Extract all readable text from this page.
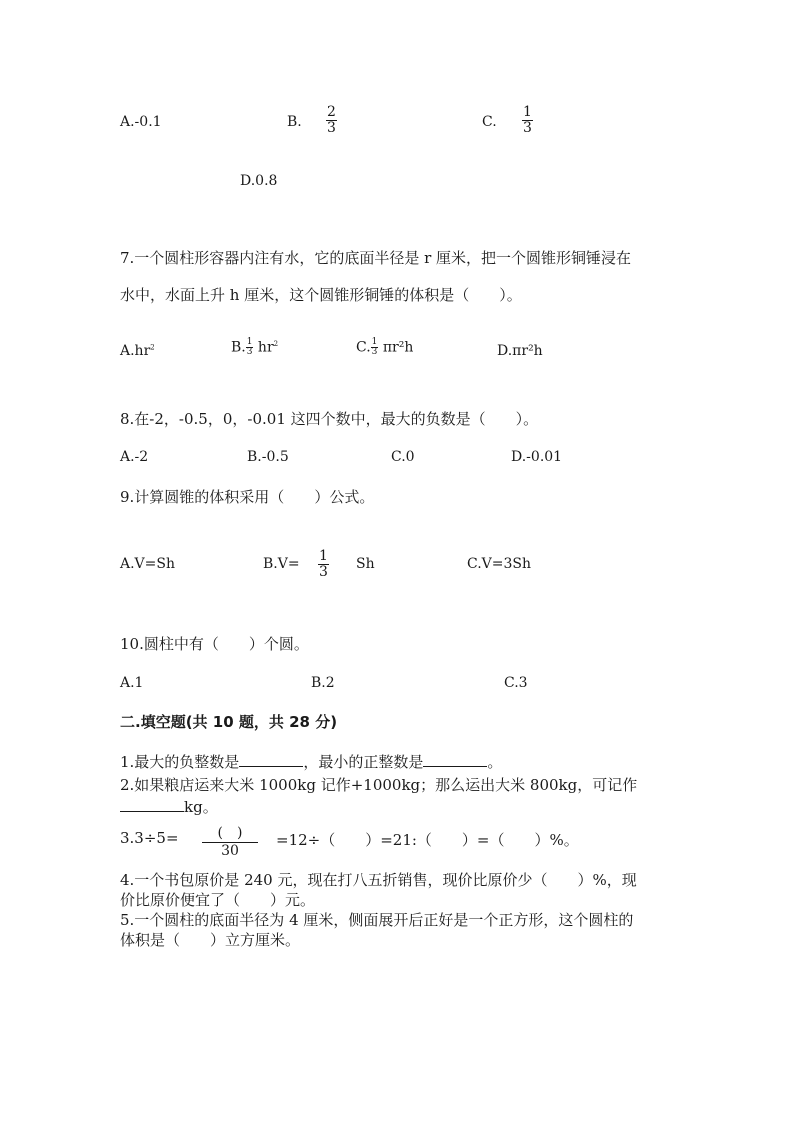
A.-0.1	B. $\frac{2}{3}$	C. $\frac{1}{3}$
D.0.8
7.一个圆柱形容器内注有水，它的底面半径是 r 厘米，把一个圆锥形铜锤浸在
水中，水面上升 h 厘米，这个圆锥形铜锤的体积是（　　）。
$A.hr^2$	B. $\frac{1}{3} hr^2$	C. $\frac{1}{3} \pi r^2h$	D.πr²h
8.在-2，-0.5，0，-0.01 这四个数中，最大的负数是（　　）。
A.-2	B.-0.5	C.0	D.-0.01
9.计算圆锥的体积采用（　　）公式。
A.V=Sh	$B.V= \frac{1}{3}$ Sh	C.V=3Sh
10.圆柱中有（　　）个圆。
A.1	B.2	C.3
二.填空题(共 10 题，共 28 分)
1.最大的负整数是	，最小的正整数是	。
2.如果粮店运来大米 1000kg 记作+1000kg；那么运出大米 800kg，可记作
kg。
3.3÷5=	(　)
30
=12÷（　　）=21:（　　）=（　　）%。
4.一个书包原价是 240 元，现在打八五折销售，现价比原价少（　　）%，现
价比原价便宜了（　　）元。
5.一个圆柱的底面半径为 4 厘米，侧面展开后正好是一个正方形，这个圆柱的
体积是（　　）立方厘米。
